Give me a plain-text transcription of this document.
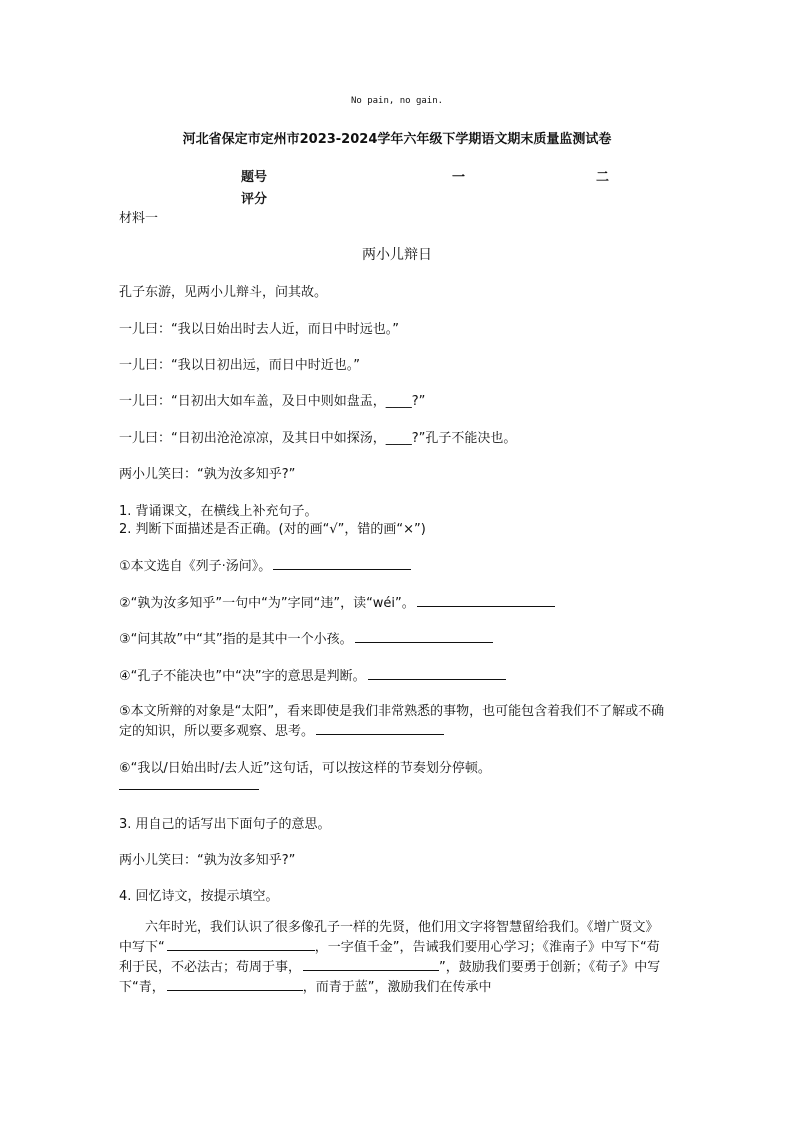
No pain, no gain.
河北省保定市定州市2023-2024学年六年级下学期语文期末质量监测试卷
题号	一	二
评分
材料一
两小儿辩日
孔子东游，见两小儿辩斗，问其故。
一儿曰：“我以日始出时去人近，而日中时远也。”
一儿曰：“我以日初出远，而日中时近也。”
一儿曰：“日初出大如车盖，及日中则如盘盂，____?”
一儿曰：“日初出沧沧凉凉，及其日中如探汤，____?”孔子不能决也。
两小儿笑曰：“孰为汝多知乎?”
1. 背诵课文，在横线上补充句子。
2. 判断下面描述是否正确。(对的画“√”，错的画“×”)
①本文选自《列子·汤问》。
②“孰为汝多知乎”一句中“为”字同“违”，读“wéi”。
③“问其故”中“其”指的是其中一个小孩。
④“孔子不能决也”中“决”字的意思是判断。
⑤本文所辩的对象是“太阳”，看来即使是我们非常熟悉的事物，也可能包含着我们不了解或不确定的知识，所以要多观察、思考。
⑥“我以/日始出时/去人近”这句话，可以按这样的节奏划分停顿。
3. 用自己的话写出下面句子的意思。
两小儿笑曰：“孰为汝多知乎?”
4. 回忆诗文，按提示填空。
六年时光，我们认识了很多像孔子一样的先贤，他们用文字将智慧留给我们。《增广贤文》中写下“	，一字值千金”，告诫我们要用心学习；《淮南子》中写下“苟利于民，不必法古；苟周于事，	”，鼓励我们要勇于创新；《荀子》中写下“青，	，而青于蓝”，激励我们在传承中
